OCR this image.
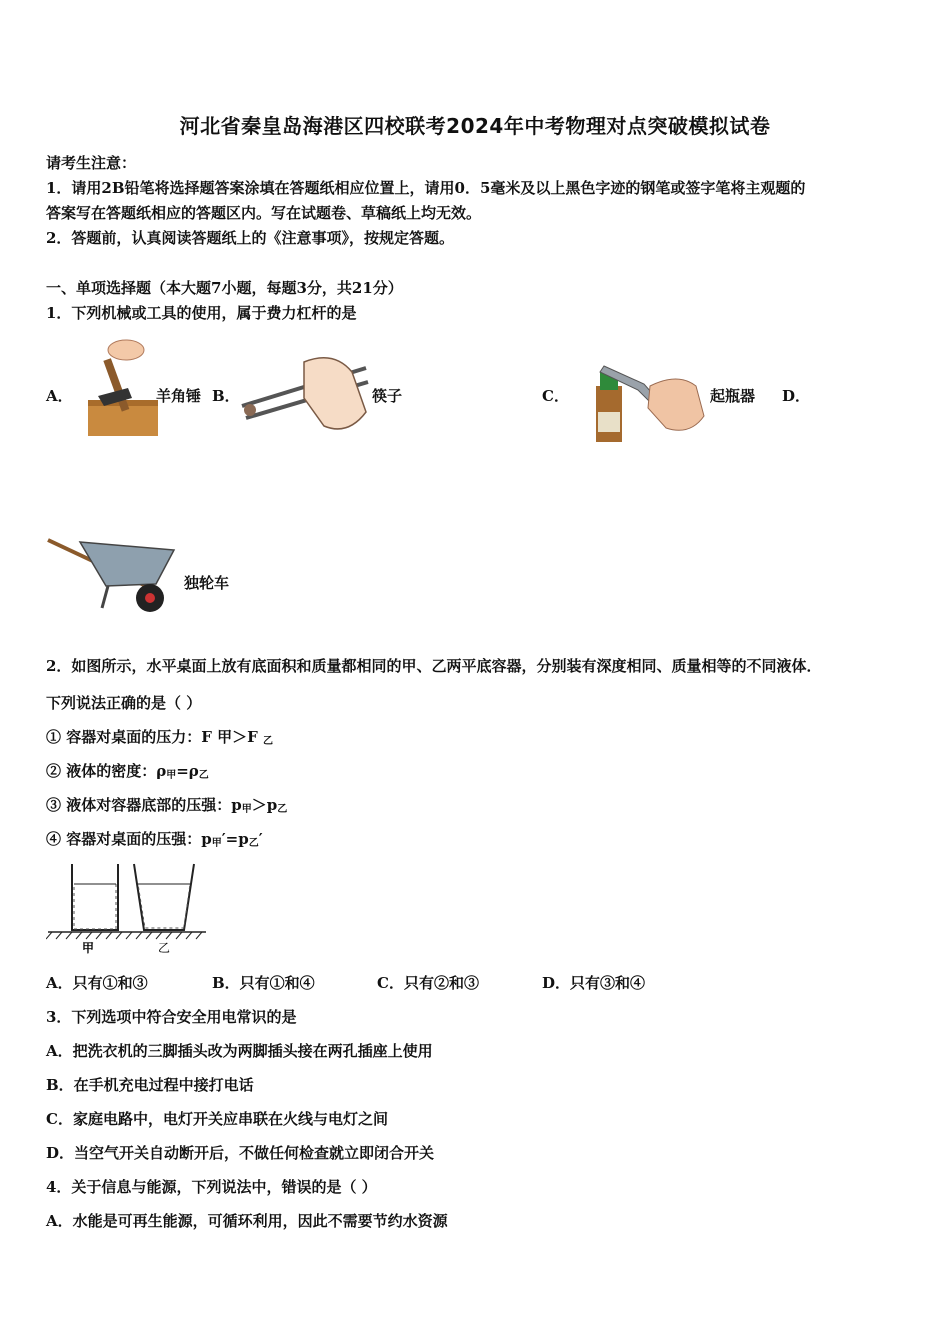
河北省秦皇岛海港区四校联考2024年中考物理对点突破模拟试卷
请考生注意：
1．请用2B铅笔将选择题答案涂填在答题纸相应位置上，请用0．5毫米及以上黑色字迹的钢笔或签字笔将主观题的
答案写在答题纸相应的答题区内。写在试题卷、草稿纸上均无效。
2．答题前，认真阅读答题纸上的《注意事项》，按规定答题。
一、单项选择题（本大题7小题，每题3分，共21分）
1．下列机械或工具的使用，属于费力杠杆的是
A．	羊角锤 B．	筷子	C．	起瓶器 D．
独轮车
2．如图所示，水平桌面上放有底面积和质量都相同的甲、乙两平底容器，分别装有深度相同、质量相等的不同液体．
下列说法正确的是（ ）
① 容器对桌面的压力：F 甲＞F $_乙$
② 液体的密度：$\rho_甲=\rho_乙$
③ 液体对容器底部的压强：$p_甲>p_乙$
④ 容器对桌面的压强：$p_甲'=p_乙'$
甲	乙
A．只有①和③	B．只有①和④	C．只有②和③	D．只有③和④
3．下列选项中符合安全用电常识的是
A．把洗衣机的三脚插头改为两脚插头接在两孔插座上使用
B．在手机充电过程中接打电话
C．家庭电路中，电灯开关应串联在火线与电灯之间
D．当空气开关自动断开后，不做任何检查就立即闭合开关
4．关于信息与能源，下列说法中，错误的是（ ）
A．水能是可再生能源，可循环利用，因此不需要节约水资源
